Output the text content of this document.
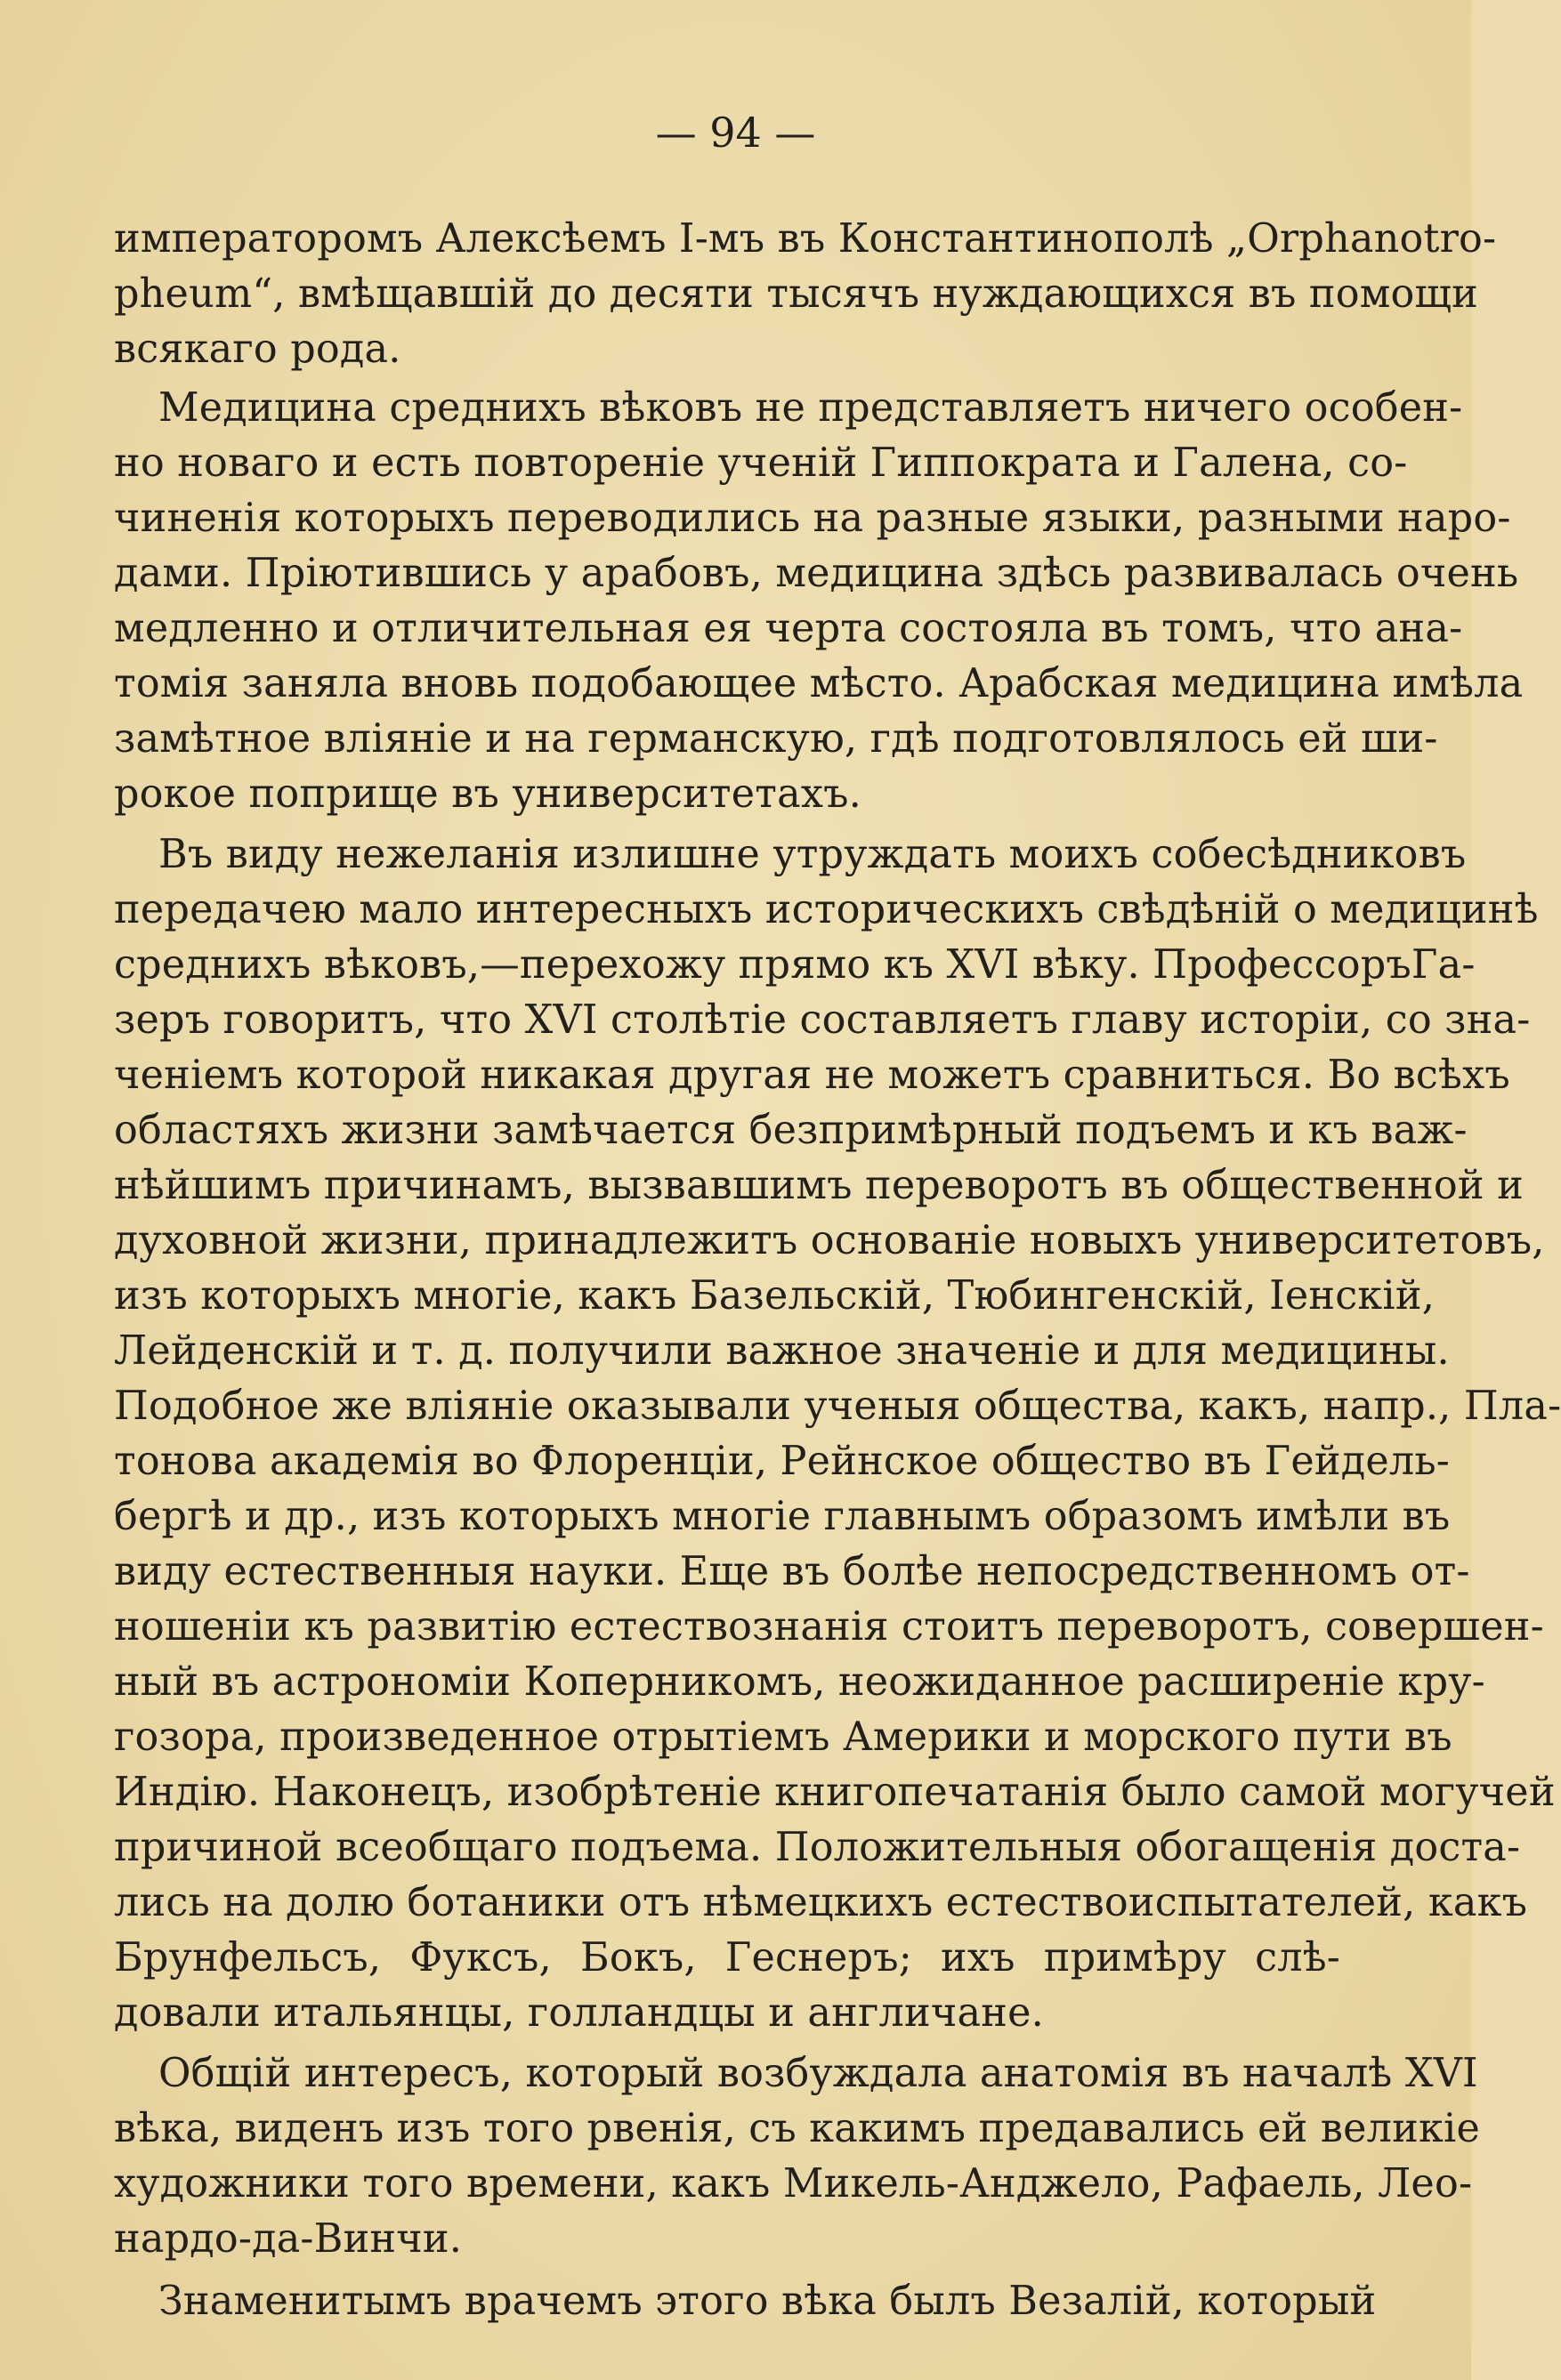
— 94 —
императоромъ Алексѣемъ I-мъ въ Константинополѣ „Orphanotro-
pheum“, вмѣщавшій до десяти тысячъ нуждающихся въ помощи
всякаго рода.
Медицина среднихъ вѣковъ не представляетъ ничего особен-
но новаго и есть повтореніе ученій Гиппократа и Галена, со-
чиненія которыхъ переводились на разные языки, разными наро-
дами. Пріютившись у арабовъ, медицина здѣсь развивалась очень
медленно и отличительная ея черта состояла въ томъ, что ана-
томія заняла вновь подобающее мѣсто. Арабская медицина имѣла
замѣтное вліяніе и на германскую, гдѣ подготовлялось ей ши-
рокое поприще въ университетахъ.
Въ виду нежеланія излишне утруждать моихъ собесѣдниковъ
передачею мало интересныхъ историческихъ свѣдѣній о медицинѣ
среднихъ вѣковъ,—перехожу прямо къ XVI вѣку. ПрофессоръГа-
зеръ говоритъ, что XVI столѣтіе составляетъ главу исторіи, со зна-
ченіемъ которой никакая другая не можетъ сравниться. Во всѣхъ
областяхъ жизни замѣчается безпримѣрный подъемъ и къ важ-
нѣйшимъ причинамъ, вызвавшимъ переворотъ въ общественной и
духовной жизни, принадлежитъ основаніе новыхъ университетовъ,
изъ которыхъ многіе, какъ Базельскій, Тюбингенскій, Іенскій,
Лейденскій и т. д. получили важное значеніе и для медицины.
Подобное же вліяніе оказывали ученыя общества, какъ, напр., Пла-
тонова академія во Флоренціи, Рейнское общество въ Гейдель-
бергѣ и др., изъ которыхъ многіе главнымъ образомъ имѣли въ
виду естественныя науки. Еще въ болѣе непосредственномъ от-
ношеніи къ развитію естествознанія стоитъ переворотъ, совершен-
ный въ астрономіи Коперникомъ, неожиданное расширеніе кру-
гозора, произведенное отрытіемъ Америки и морского пути въ
Индію. Наконецъ, изобрѣтеніе книгопечатанія было самой могучей
причиной всеобщаго подъема. Положительныя обогащенія доста-
лись на долю ботаники отъ нѣмецкихъ естествоиспытателей, какъ
Брунфельсъ, Фуксъ, Бокъ, Геснеръ; ихъ примѣру слѣ-
довали итальянцы, голландцы и англичане.
Общій интересъ, который возбуждала анатомія въ началѣ XVI
вѣка, виденъ изъ того рвенія, съ какимъ предавались ей великіе
художники того времени, какъ Микель-Анджело, Рафаель, Лео-
нардо-да-Винчи.
Знаменитымъ врачемъ этого вѣка былъ Везалій, который
